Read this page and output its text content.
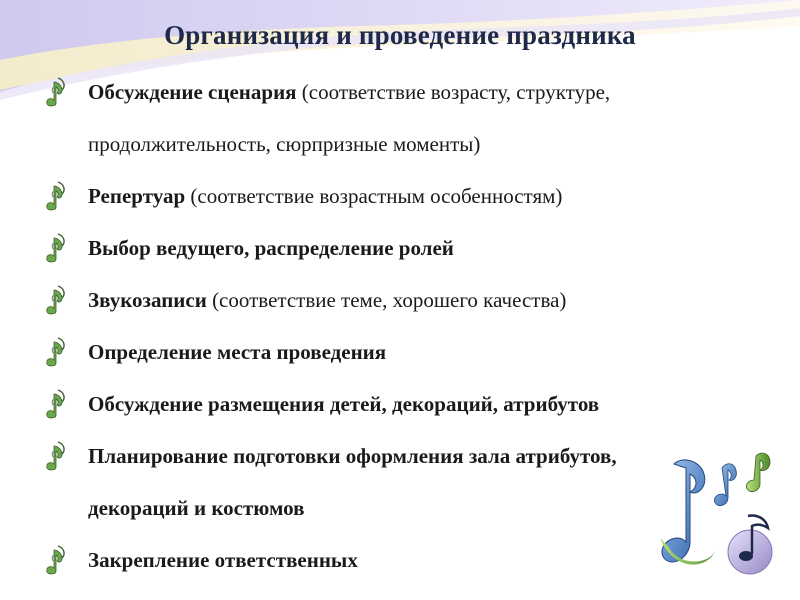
Организация и проведение праздника
Обсуждение сценария (соответствие возрасту, структуре,
продолжительность, сюрпризные моменты)
Репертуар (соответствие возрастным особенностям)
Выбор ведущего, распределение ролей
Звукозаписи (соответствие теме, хорошего качества)
Определение места проведения
Обсуждение размещения детей, декораций, атрибутов
Планирование подготовки оформления зала атрибутов,
декораций и костюмов
Закрепление ответственных
